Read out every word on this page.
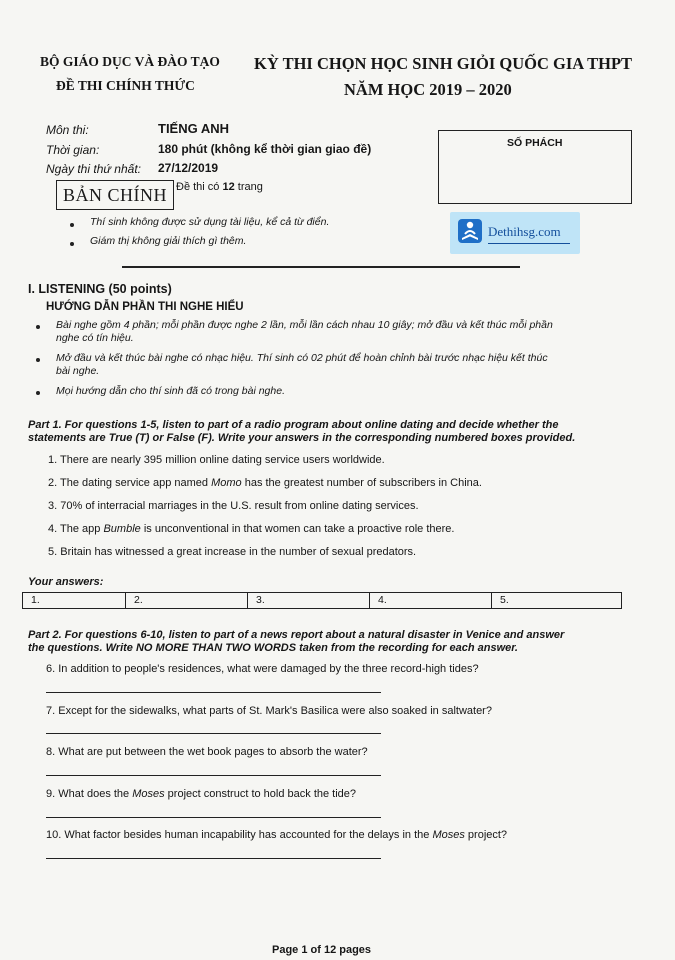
BỘ GIÁO DỤC VÀ ĐÀO TẠO
ĐỀ THI CHÍNH THỨC
KỲ THI CHỌN HỌC SINH GIỎI QUỐC GIA THPT
NĂM HỌC 2019 – 2020
Môn thi:	TIẾNG ANH
Thời gian:	180 phút (không kể thời gian giao đề)
Ngày thi thứ nhất: 27/12/2019
BẢN CHÍNH Đề thi có 12 trang
Thí sinh không được sử dụng tài liệu, kể cả từ điển.
Giám thị không giải thích gì thêm.
SỐ PHÁCH
Dethihsg.com
I. LISTENING (50 points)
HƯỚNG DẪN PHẦN THI NGHE HIỂU
Bài nghe gồm 4 phần; mỗi phần được nghe 2 lần, mỗi lần cách nhau 10 giây; mở đầu và kết thúc mỗi phần
nghe có tín hiệu.
Mở đầu và kết thúc bài nghe có nhạc hiệu. Thí sinh có 02 phút để hoàn chỉnh bài trước nhạc hiệu kết thúc
bài nghe.
Mọi hướng dẫn cho thí sinh đã có trong bài nghe.
Part 1. For questions 1-5, listen to part of a radio program about online dating and decide whether the
statements are True (T) or False (F). Write your answers in the corresponding numbered boxes provided.
1. There are nearly 395 million online dating service users worldwide.
2. The dating service app named Momo has the greatest number of subscribers in China.
3. 70% of interracial marriages in the U.S. result from online dating services.
4. The app Bumble is unconventional in that women can take a proactive role there.
5. Britain has witnessed a great increase in the number of sexual predators.
Your answers:
1.	2.	3.	4.	5.
Part 2. For questions 6-10, listen to part of a news report about a natural disaster in Venice and answer
the questions. Write NO MORE THAN TWO WORDS taken from the recording for each answer.
6. In addition to people's residences, what were damaged by the three record-high tides?
7. Except for the sidewalks, what parts of St. Mark's Basilica were also soaked in saltwater?
8. What are put between the wet book pages to absorb the water?
9. What does the Moses project construct to hold back the tide?
10. What factor besides human incapability has accounted for the delays in the Moses project?
Page 1 of 12 pages
